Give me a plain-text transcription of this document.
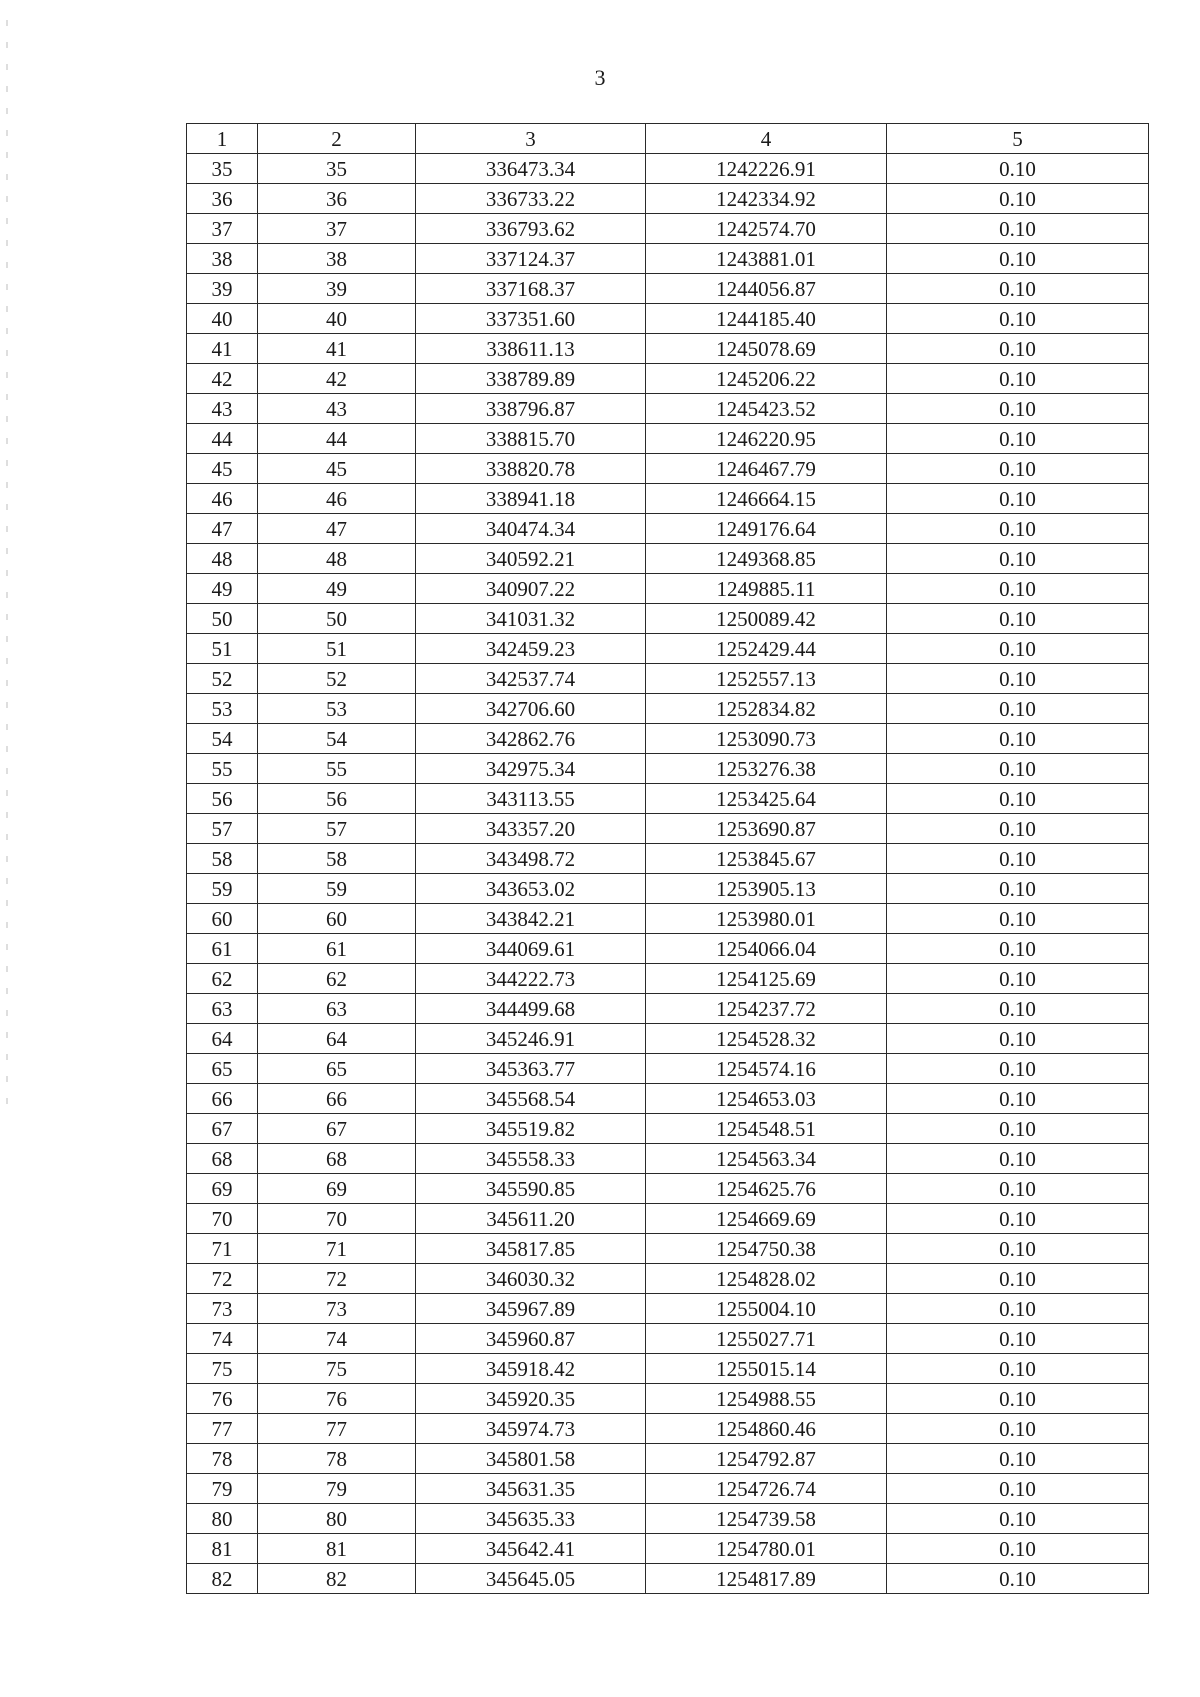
3
1	2	3	4	5
35	35	336473.34	1242226.91	0.10
36	36	336733.22	1242334.92	0.10
37	37	336793.62	1242574.70	0.10
38	38	337124.37	1243881.01	0.10
39	39	337168.37	1244056.87	0.10
40	40	337351.60	1244185.40	0.10
41	41	338611.13	1245078.69	0.10
42	42	338789.89	1245206.22	0.10
43	43	338796.87	1245423.52	0.10
44	44	338815.70	1246220.95	0.10
45	45	338820.78	1246467.79	0.10
46	46	338941.18	1246664.15	0.10
47	47	340474.34	1249176.64	0.10
48	48	340592.21	1249368.85	0.10
49	49	340907.22	1249885.11	0.10
50	50	341031.32	1250089.42	0.10
51	51	342459.23	1252429.44	0.10
52	52	342537.74	1252557.13	0.10
53	53	342706.60	1252834.82	0.10
54	54	342862.76	1253090.73	0.10
55	55	342975.34	1253276.38	0.10
56	56	343113.55	1253425.64	0.10
57	57	343357.20	1253690.87	0.10
58	58	343498.72	1253845.67	0.10
59	59	343653.02	1253905.13	0.10
60	60	343842.21	1253980.01	0.10
61	61	344069.61	1254066.04	0.10
62	62	344222.73	1254125.69	0.10
63	63	344499.68	1254237.72	0.10
64	64	345246.91	1254528.32	0.10
65	65	345363.77	1254574.16	0.10
66	66	345568.54	1254653.03	0.10
67	67	345519.82	1254548.51	0.10
68	68	345558.33	1254563.34	0.10
69	69	345590.85	1254625.76	0.10
70	70	345611.20	1254669.69	0.10
71	71	345817.85	1254750.38	0.10
72	72	346030.32	1254828.02	0.10
73	73	345967.89	1255004.10	0.10
74	74	345960.87	1255027.71	0.10
75	75	345918.42	1255015.14	0.10
76	76	345920.35	1254988.55	0.10
77	77	345974.73	1254860.46	0.10
78	78	345801.58	1254792.87	0.10
79	79	345631.35	1254726.74	0.10
80	80	345635.33	1254739.58	0.10
81	81	345642.41	1254780.01	0.10
82	82	345645.05	1254817.89	0.10
